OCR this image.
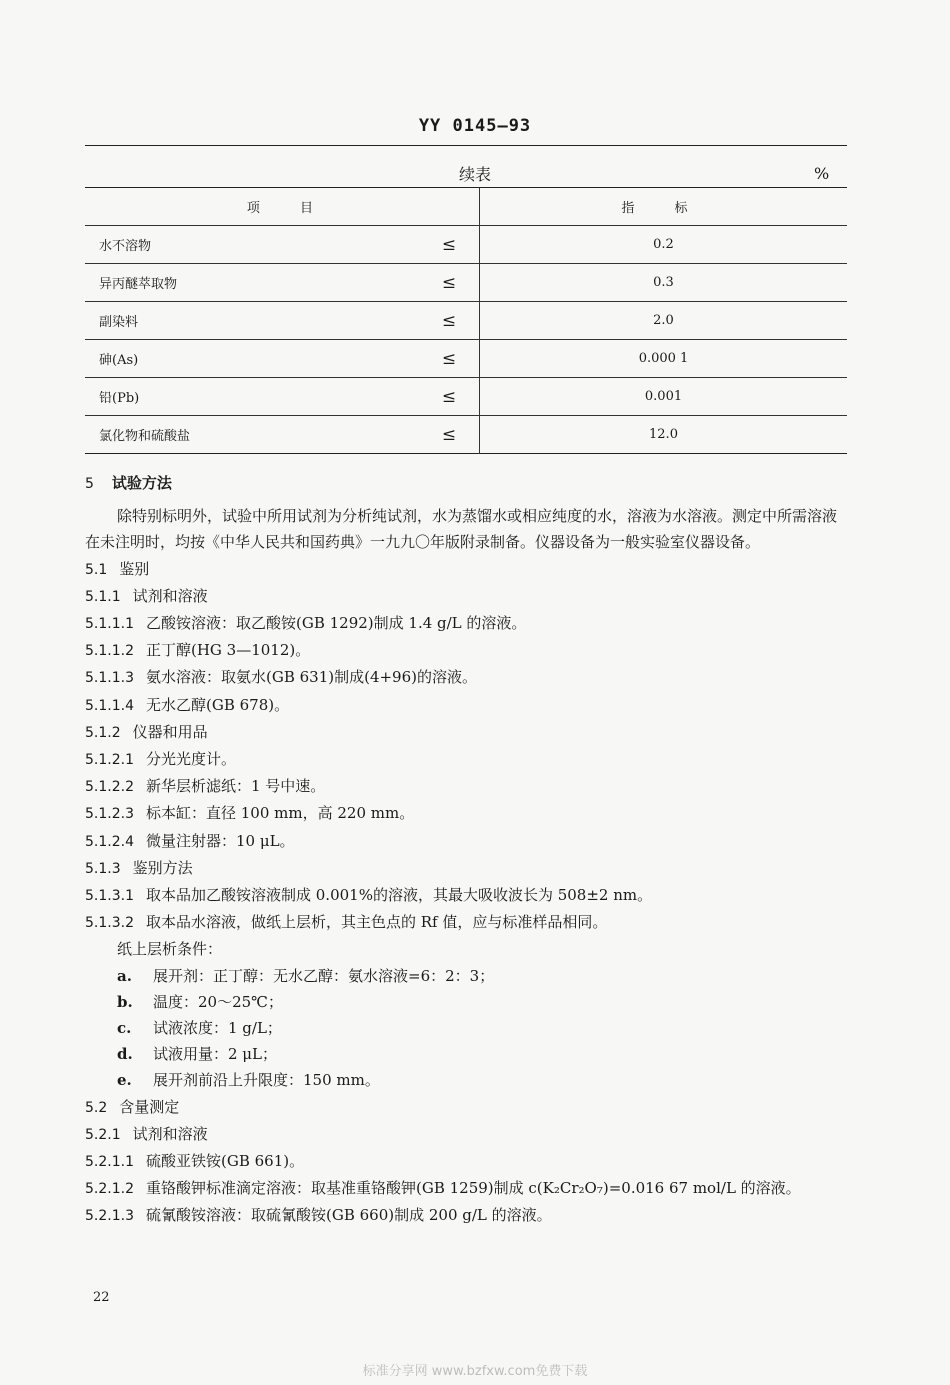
YY 0145—93
续表	%
项 目		指 标
水不溶物	≤	0.2
异丙醚萃取物	≤	0.3
副染料	≤	2.0
砷(As)	≤	0.000 1
铅(Pb)	≤	0.001
氯化物和硫酸盐	≤	12.0

5 试验方法

除特别标明外，试验中所用试剂为分析纯试剂，水为蒸馏水或相应纯度的水，溶液为水溶液。测定中所需溶液在未注明时，均按《中华人民共和国药典》一九九〇年版附录制备。仪器设备为一般实验室仪器设备。

5.1 鉴别

5.1.1 试剂和溶液

5.1.1.1 乙酸铵溶液：取乙酸铵(GB 1292)制成 1.4 g/L 的溶液。

5.1.1.2 正丁醇(HG 3—1012)。

5.1.1.3 氨水溶液：取氨水(GB 631)制成(4+96)的溶液。

5.1.1.4 无水乙醇(GB 678)。

5.1.2 仪器和用品

5.1.2.1 分光光度计。

5.1.2.2 新华层析滤纸：1 号中速。

5.1.2.3 标本缸：直径 100 mm，高 220 mm。

5.1.2.4 微量注射器：10 μL。

5.1.3 鉴别方法

5.1.3.1 取本品加乙酸铵溶液制成 0.001%的溶液，其最大吸收波长为 508±2 nm。

5.1.3.2 取本品水溶液，做纸上层析，其主色点的 Rf 值，应与标准样品相同。

纸上层析条件：

a. 展开剂：正丁醇：无水乙醇：氨水溶液=6：2：3；

b. 温度：20～25℃；

c. 试液浓度：1 g/L；

d. 试液用量：2 μL；

e. 展开剂前沿上升限度：150 mm。

5.2 含量测定

5.2.1 试剂和溶液

5.2.1.1 硫酸亚铁铵(GB 661)。

5.2.1.2 重铬酸钾标准滴定溶液：取基准重铬酸钾(GB 1259)制成 c(K₂Cr₂O₇)=0.016 67 mol/L 的溶液。

5.2.1.3 硫氰酸铵溶液：取硫氰酸铵(GB 660)制成 200 g/L 的溶液。

22
标准分享网 www.bzfxw.com免费下载
